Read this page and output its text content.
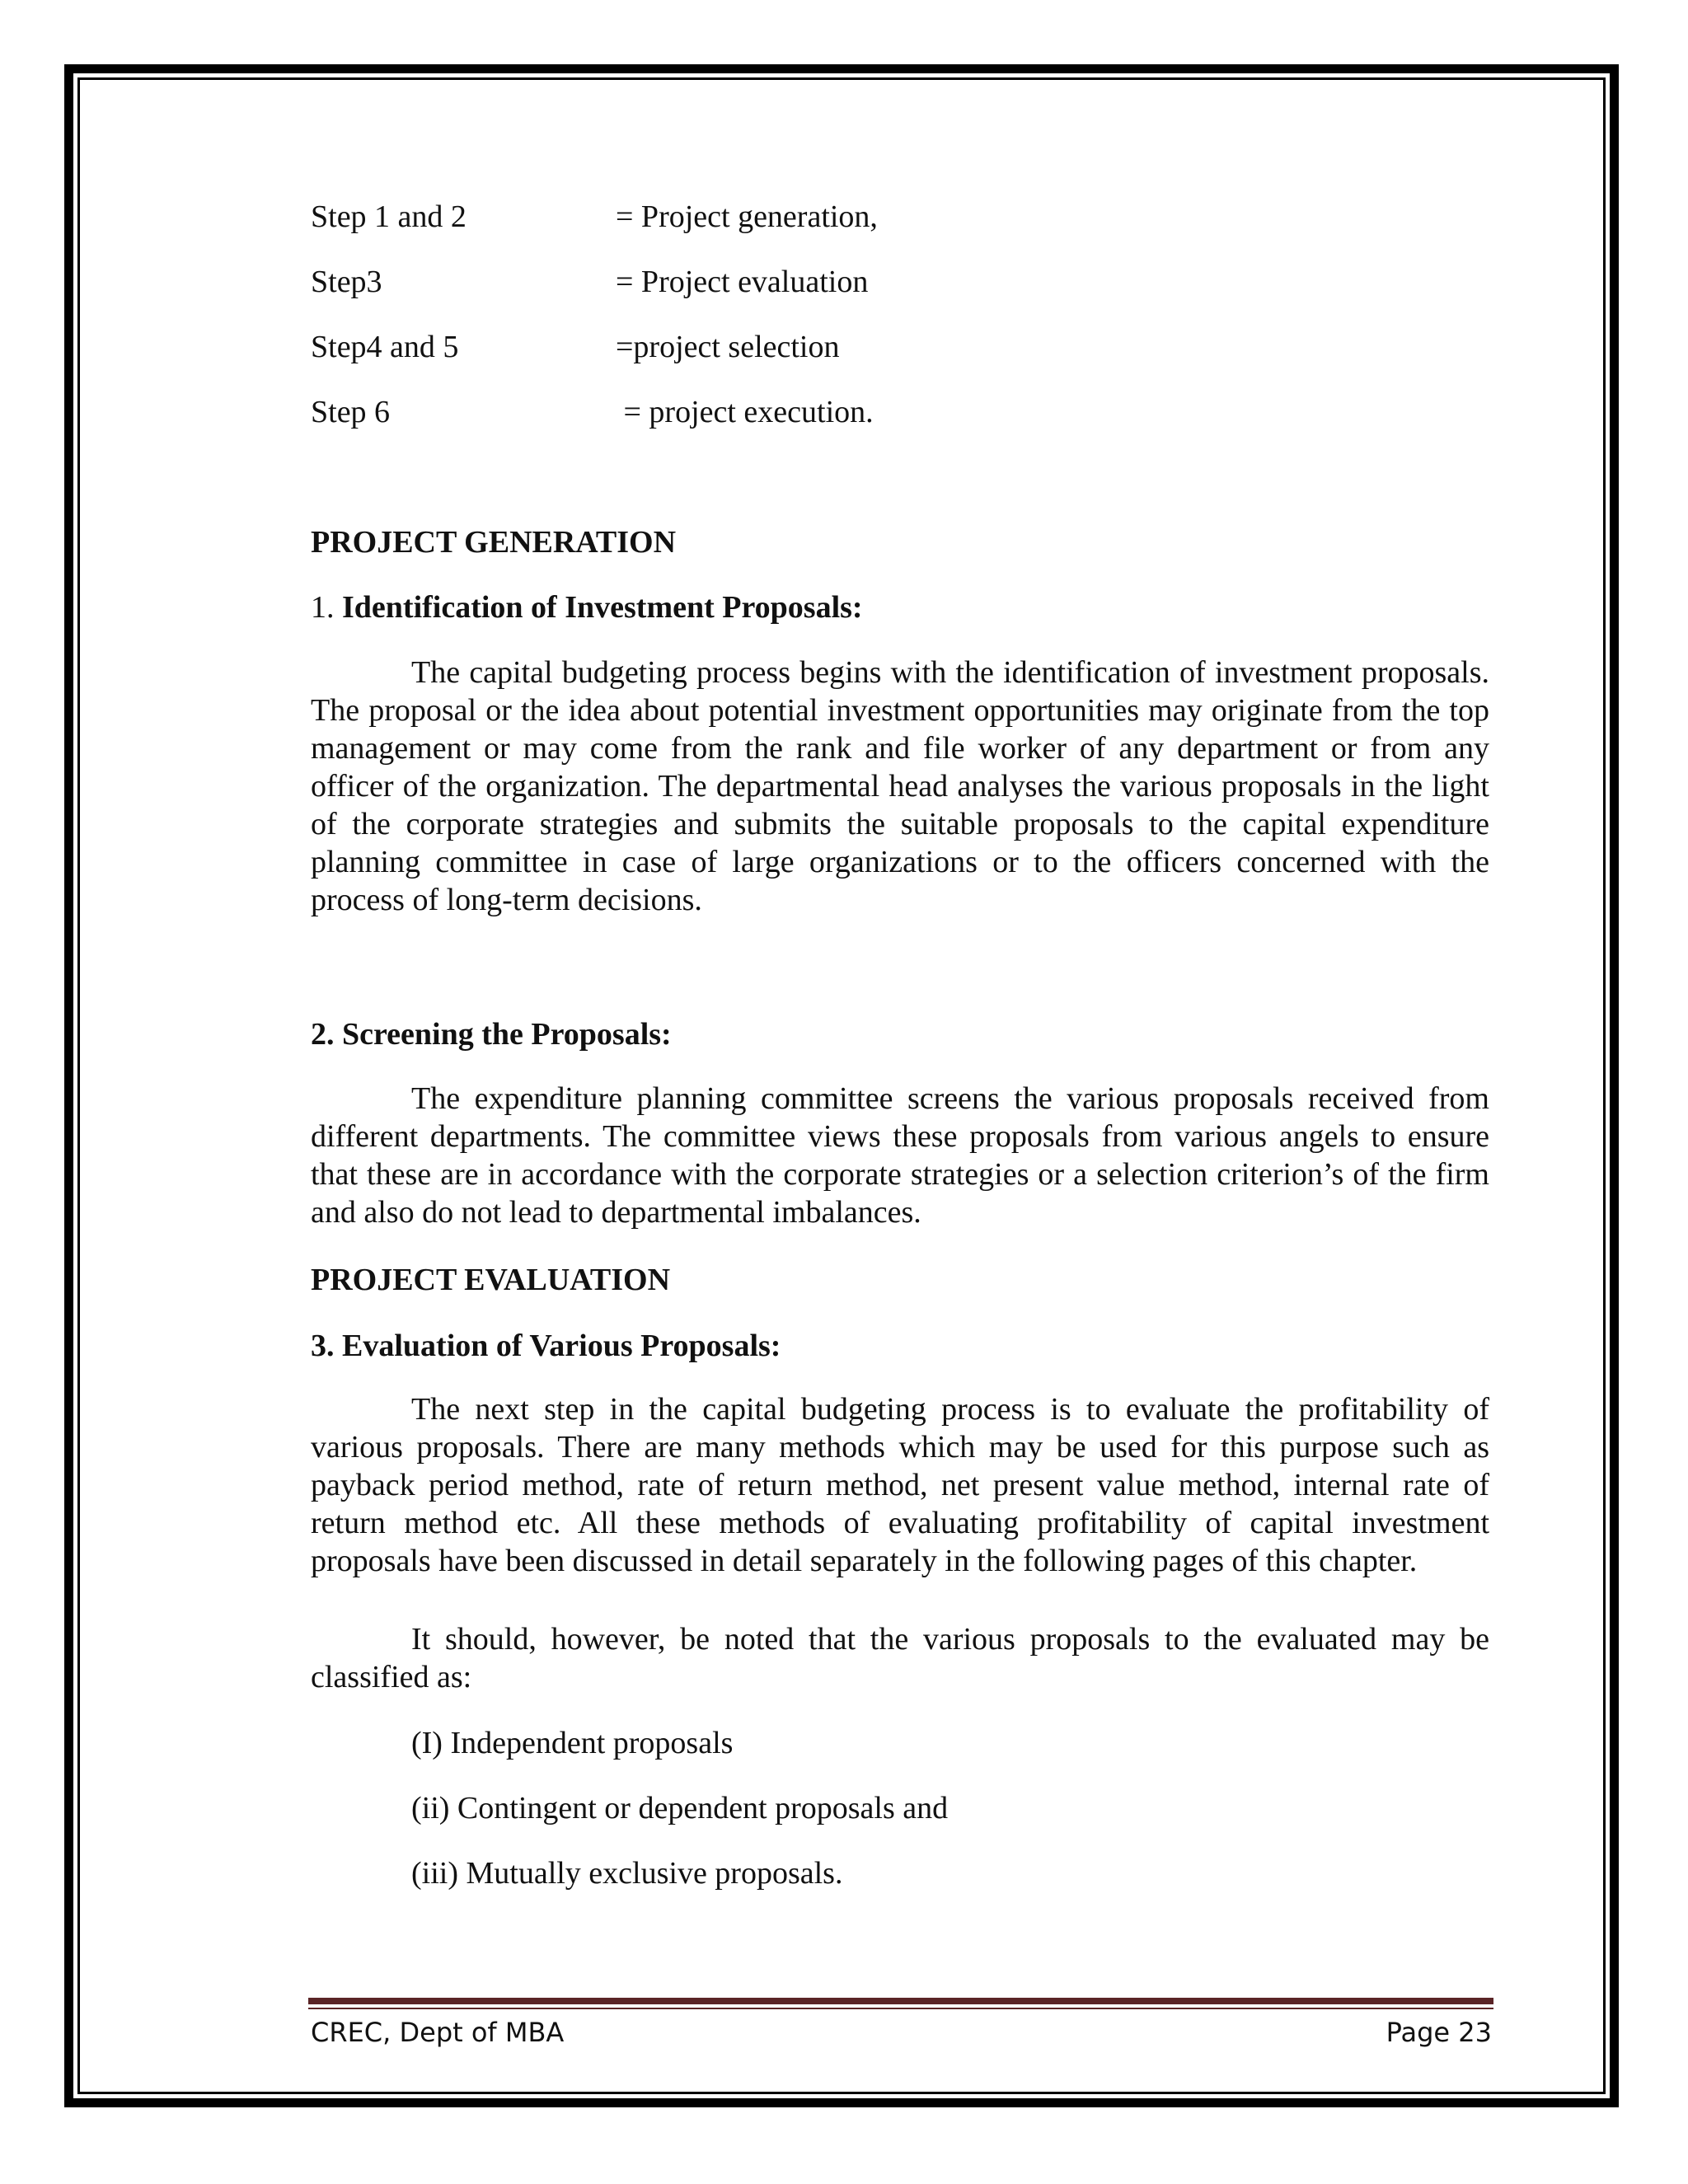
Step 1 and 2	= Project generation,
Step3	= Project evaluation
Step4 and 5	=project selection
Step 6	= project execution.
PROJECT GENERATION
1. Identification of Investment Proposals:

The capital budgeting process begins with the identification of investment proposals. The proposal or the idea about potential investment opportunities may originate from the top management or may come from the rank and file worker of any department or from any officer of the organization. The departmental head analyses the various proposals in the light of the corporate strategies and submits the suitable proposals to the capital expenditure planning committee in case of large organizations or to the officers concerned with the process of long-term decisions.

2. Screening the Proposals:

The expenditure planning committee screens the various proposals received from different departments. The committee views these proposals from various angels to ensure that these are in accordance with the corporate strategies or a selection criterion’s of the firm and also do not lead to departmental imbalances.

PROJECT EVALUATION
3. Evaluation of Various Proposals:

The next step in the capital budgeting process is to evaluate the profitability of various proposals. There are many methods which may be used for this purpose such as payback period method, rate of return method, net present value method, internal rate of return method etc. All these methods of evaluating profitability of capital investment proposals have been discussed in detail separately in the following pages of this chapter.

It should, however, be noted that the various proposals to the evaluated may be classified as:

(I) Independent proposals
(ii) Contingent or dependent proposals and
(iii) Mutually exclusive proposals.
CREC, Dept of MBA	Page 23
